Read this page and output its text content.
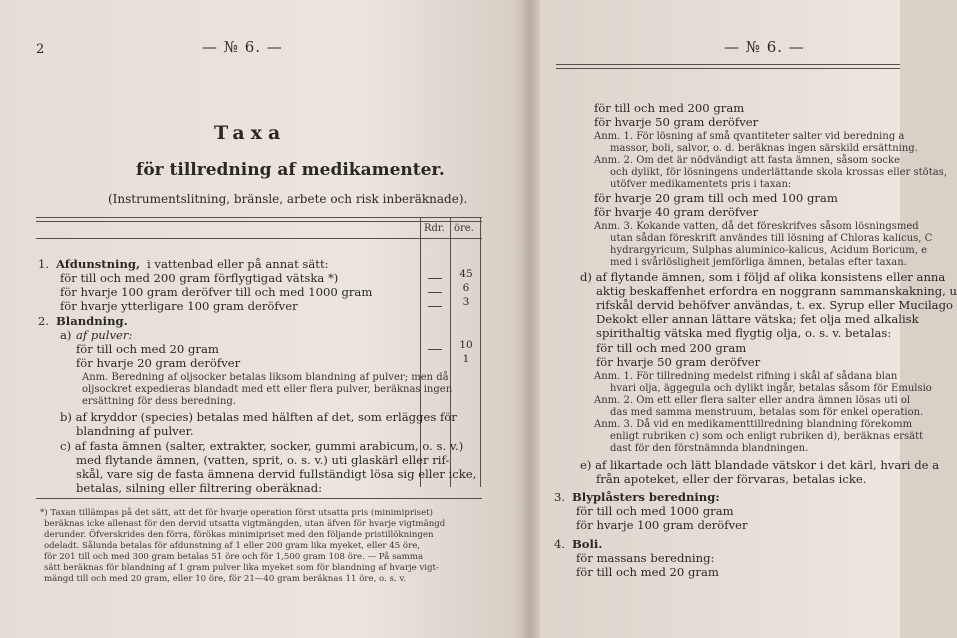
2	— № 6. —
Taxa
för tillredning af medikamenter.
(Instrumentslitning, bränsle, arbete och risk inberäknade).
Rdr. öre.
1. Afdunstning, i vattenbad eller på annat sätt:
för till och med 200 gram förflygtigad vätska *)
för hvarje 100 gram deröfver till och med 1000 gram
för hvarje ytterligare 100 gram deröfver
45
6
3
2. Blandning.
a) af pulver:
för till och med 20 gram
för hvarje 20 gram deröfver
10
1
Anm. Beredning af oljsocker betalas liksom blandning af pulver; men då
oljsockret expedieras blandadt med ett eller flera pulver, beräknas ingen
ersättning för dess beredning.
b) af kryddor (species) betalas med hälften af det, som erlägges för
blandning af pulver.
c) af fasta ämnen (salter, extrakter, socker, gummi arabicum, o. s. v.)
med flytande ämnen, (vatten, sprit, o. s. v.) uti glaskärl eller rif-
skål, vare sig de fasta ämnena dervid fullständigt lösa sig eller icke,
betalas, silning eller filtrering oberäknad:
*) Taxan tillämpas på det sätt, att det för hvarje operation först utsatta pris (minimipriset)
beräknas icke allenast för den dervid utsatta vigtmängden, utan äfven för hvarje vigtmängd
derunder. Öfverskrides den förra, förökas minimipriset med den följande pristillökningen
odeladt. Sålunda betalas för afdunstning af 1 eller 200 gram lika myeket, eller 45 öre,
för 201 till och med 300 gram betalas 51 öre och för 1,500 gram 108 öre. — På samma
sätt beräknas för blandning af 1 gram pulver lika myeket som för blandning af hvarje vigt-
mängd till och med 20 gram, eller 10 öre, för 21—40 gram beräknas 11 öre, o. s. v.
— № 6. —
för till och med 200 gram
för hvarje 50 gram deröfver
Anm. 1. För lösning af små qvantiteter salter vid beredning a
massor, boli, salvor, o. d. beräknas ingen särskild ersättning.
Anm. 2. Om det är nödvändigt att fasta ämnen, såsom socke
och dylikt, för lösningens underlättande skola krossas eller stötas,
utöfver medikamentets pris i taxan:
för hvarje 20 gram till och med 100 gram
för hvarje 40 gram deröfver
Anm. 3. Kokande vatten, då det föreskrifves såsom lösningsmed
utan sådan föreskrift användes till lösning af Chloras kalicus, C
hydrargyricum, Sulphas aluminico-kalicus, Acidum Boricum, e
med i svårlösligheit jemförliga ämnen, betalas efter taxan.
d) af flytande ämnen, som i följd af olika konsistens eller anna
aktig beskaffenhet erfordra en noggrann sammanskakning, u
rifskål dervid behöfver användas, t. ex. Syrup eller Mucilago
Dekokt eller annan lättare vätska; fet olja med alkalisk
spirithaltig vätska med flygtig olja, o. s. v. betalas:
för till och med 200 gram
för hvarje 50 gram deröfver
Anm. 1. För tillredning medelst rifning i skål af sådana blan
hvari olja, äggegula och dylikt ingår, betalas såsom för Emulsio
Anm. 2. Om ett eller flera salter eller andra ämnen lösas uti ol
das med samma menstruum, betalas som för enkel operation.
Anm. 3. Då vid en medikamenttillredning blandning förekomm
enligt rubriken c) som och enligt rubriken d), beräknas ersätt
dast för den förstnämnda blandningen.
e) af likartade och lätt blandade vätskor i det kärl, hvari de a
från apoteket, eller der förvaras, betalas icke.
3. Blyplåsters beredning:
för till och med 1000 gram
för hvarje 100 gram deröfver
4. Boli.
för massans beredning:
för till och med 20 gram
